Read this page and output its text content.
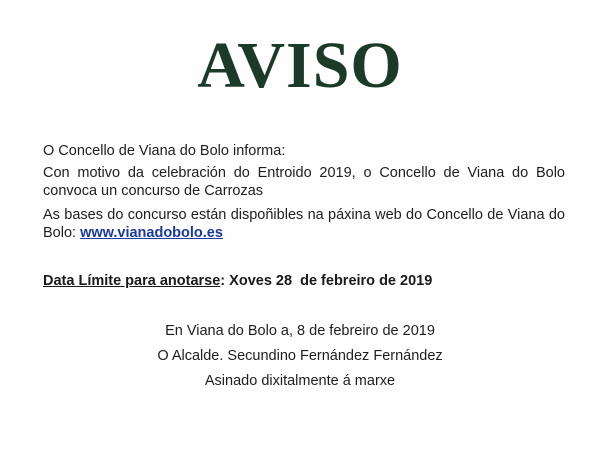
AVISO
O Concello de Viana do Bolo informa:
Con motivo da celebración do Entroido 2019, o Concello de Viana do Bolo convoca un concurso de Carrozas
As bases do concurso están dispoñibles na páxina web do Concello de Viana do Bolo: www.vianadobolo.es
Data Límite para anotarse: Xoves 28  de febreiro de 2019
En Viana do Bolo a, 8 de febreiro de 2019
O Alcalde. Secundino Fernández Fernández
Asinado dixitalmente á marxe
